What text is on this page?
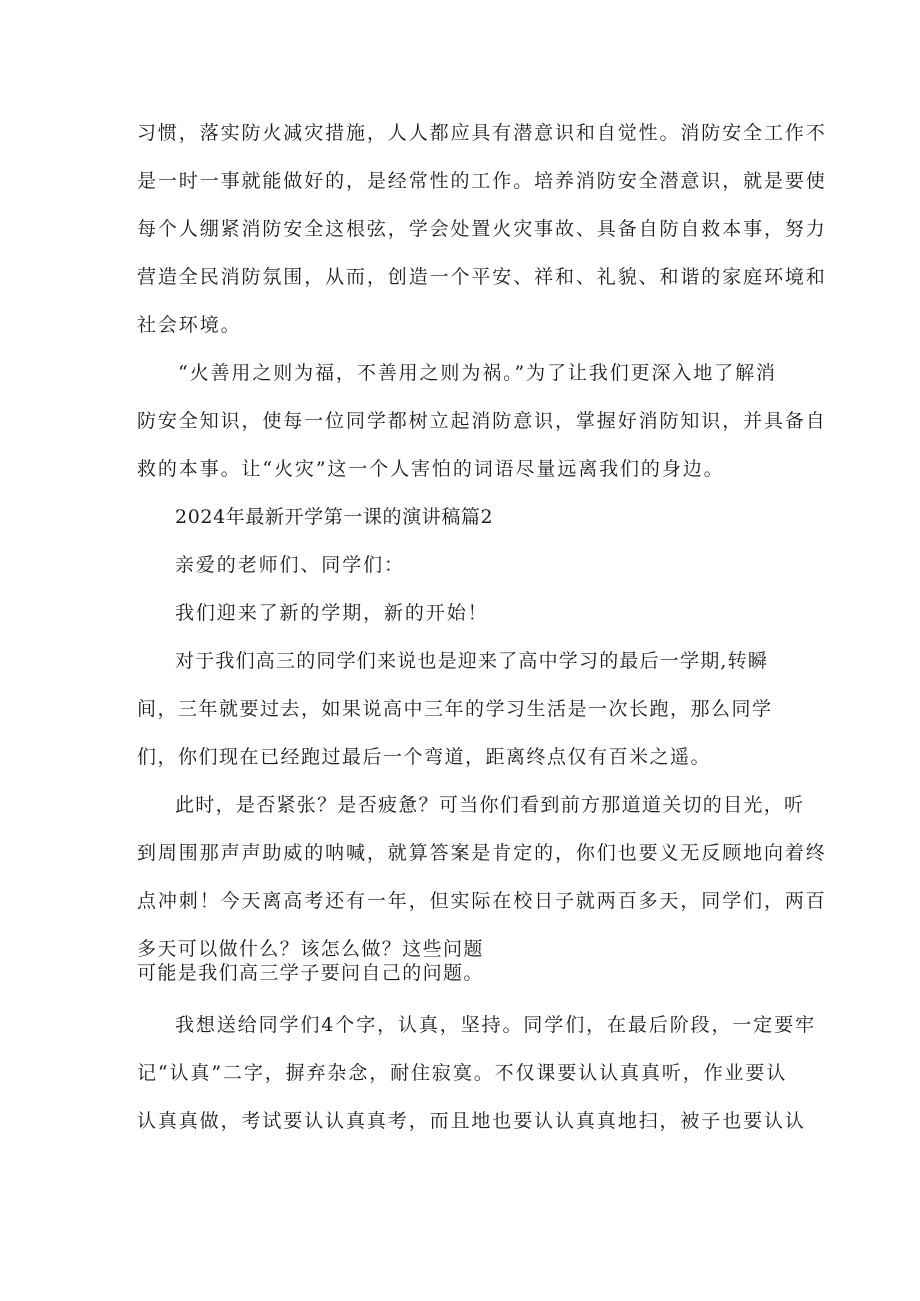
习惯，落实防火减灾措施，人人都应具有潜意识和自觉性。消防安全工作不
是一时一事就能做好的，是经常性的工作。培养消防安全潜意识，就是要使
每个人绷紧消防安全这根弦，学会处置火灾事故、具备自防自救本事，努力
营造全民消防氛围，从而，创造一个平安、祥和、礼貌、和谐的家庭环境和
社会环境。
“火善用之则为福，不善用之则为祸。”为了让我们更深入地了解消
防安全知识，使每一位同学都树立起消防意识，掌握好消防知识，并具备自
救的本事。让“火灾”这一个人害怕的词语尽量远离我们的身边。
2024年最新开学第一课的演讲稿篇2
亲爱的老师们、同学们：
我们迎来了新的学期，新的开始！
对于我们高三的同学们来说也是迎来了高中学习的最后一学期,转瞬
间，三年就要过去，如果说高中三年的学习生活是一次长跑，那么同学
们，你们现在已经跑过最后一个弯道，距离终点仅有百米之遥。
此时，是否紧张？是否疲惫？可当你们看到前方那道道关切的目光，听
到周围那声声助威的呐喊，就算答案是肯定的，你们也要义无反顾地向着终
点冲刺！今天离高考还有一年，但实际在校日子就两百多天，同学们，两百
多天可以做什么？该怎么做？这些问题
可能是我们高三学子要问自己的问题。
我想送给同学们4个字，认真，坚持。同学们，在最后阶段，一定要牢
记“认真”二字，摒弃杂念，耐住寂寞。不仅课要认认真真听，作业要认
认真真做，考试要认认真真考，而且地也要认认真真地扫，被子也要认认
